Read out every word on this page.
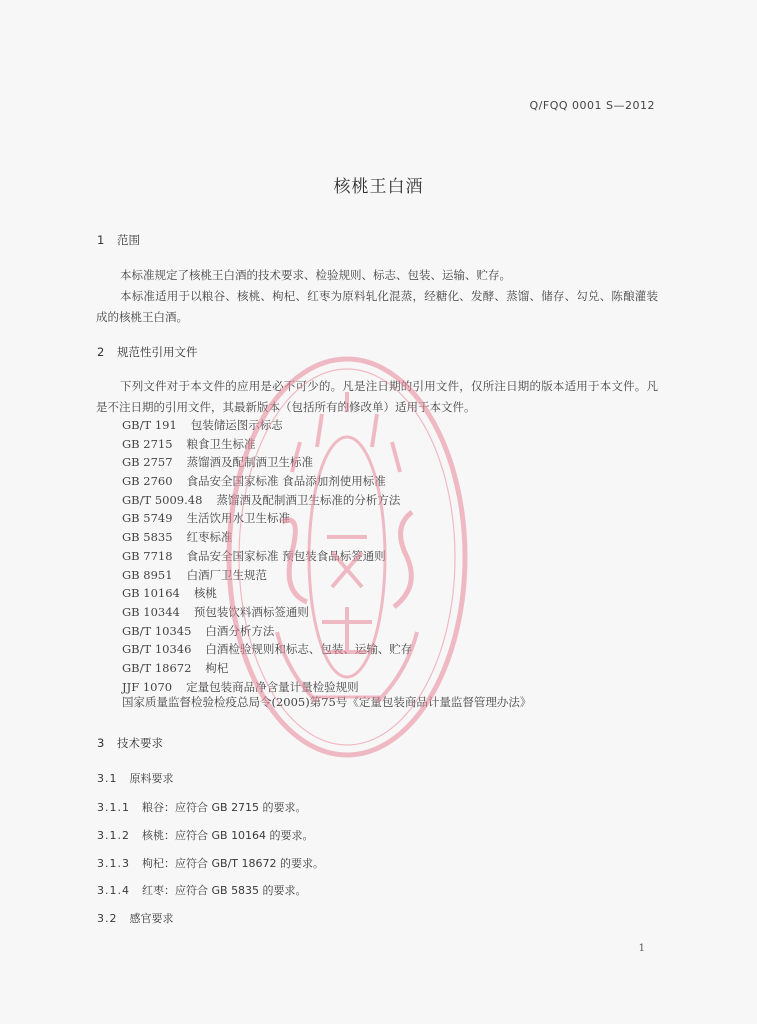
Q/FQQ 0001 S—2012
核桃王白酒
1 范围

本标准规定了核桃王白酒的技术要求、检验规则、标志、包装、运输、贮存。

本标准适用于以粮谷、核桃、枸杞、红枣为原料轧化混蒸，经糖化、发酵、蒸馏、储存、勾兑、陈酿灌装成的核桃王白酒。

2 规范性引用文件

下列文件对于本文件的应用是必不可少的。凡是注日期的引用文件，仅所注日期的版本适用于本文件。凡是不注日期的引用文件，其最新版本（包括所有的修改单）适用于本文件。

GB/T 191 包装储运图示标志
GB 2715 粮食卫生标准
GB 2757 蒸馏酒及配制酒卫生标准
GB 2760 食品安全国家标准 食品添加剂使用标准
GB/T 5009.48 蒸馏酒及配制酒卫生标准的分析方法
GB 5749 生活饮用水卫生标准
GB 5835 红枣标准
GB 7718 食品安全国家标准 预包装食品标签通则
GB 8951 白酒厂卫生规范
GB 10164 核桃
GB 10344 预包装饮料酒标签通则
GB/T 10345 白酒分析方法
GB/T 10346 白酒检验规则和标志、包装、运输、贮存
GB/T 18672 枸杞
JJF 1070 定量包装商品净含量计量检验规则
国家质量监督检验检疫总局令(2005)第75号《定量包装商品计量监督管理办法》
3 技术要求
3.1 原料要求
3.1.1 粮谷：应符合 GB 2715 的要求。
3.1.2 核桃：应符合 GB 10164 的要求。
3.1.3 枸杞：应符合 GB/T 18672 的要求。
3.1.4 红枣：应符合 GB 5835 的要求。
3.2 感官要求
1
